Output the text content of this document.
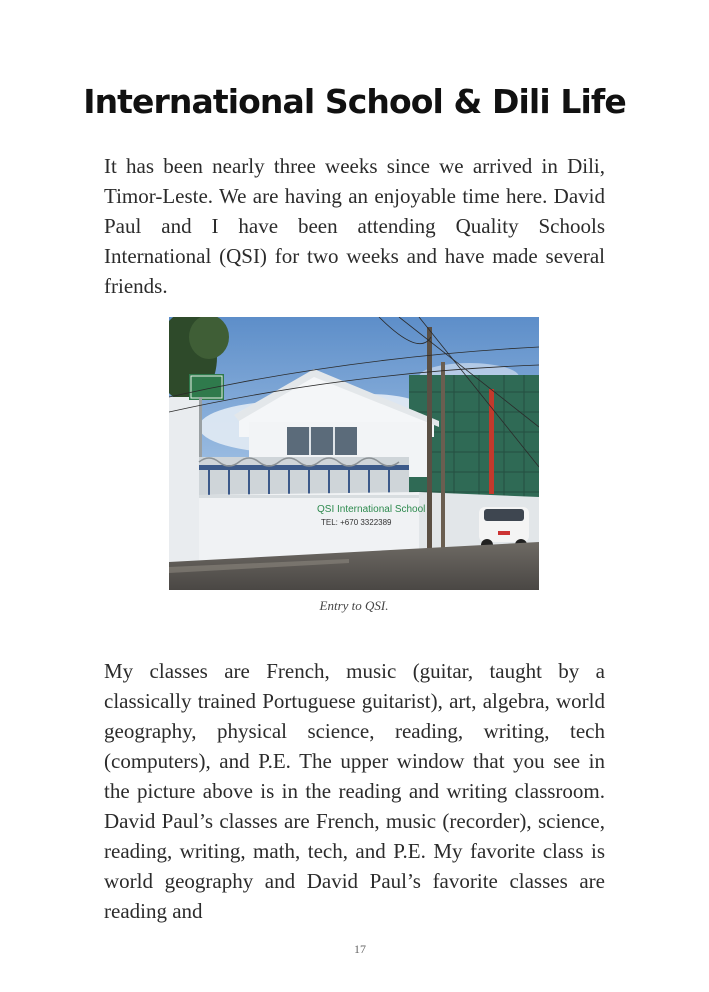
International School & Dili Life

It has been nearly three weeks since we arrived in Dili, Timor-Leste. We are having an enjoyable time here. David Paul and I have been attending Quality Schools International (QSI) for two weeks and have made several friends.

QSI International School
TEL: +670 3322389
Entry to QSI.

My classes are French, music (guitar, taught by a classically trained Portuguese guitarist), art, algebra, world geography, physical science, reading, writing, tech (computers), and P.E. The upper window that you see in the picture above is in the reading and writing classroom. David Paul’s classes are French, music (recorder), science, reading, writing, math, tech, and P.E. My favorite class is world geography and David Paul’s favorite classes are reading and

17
